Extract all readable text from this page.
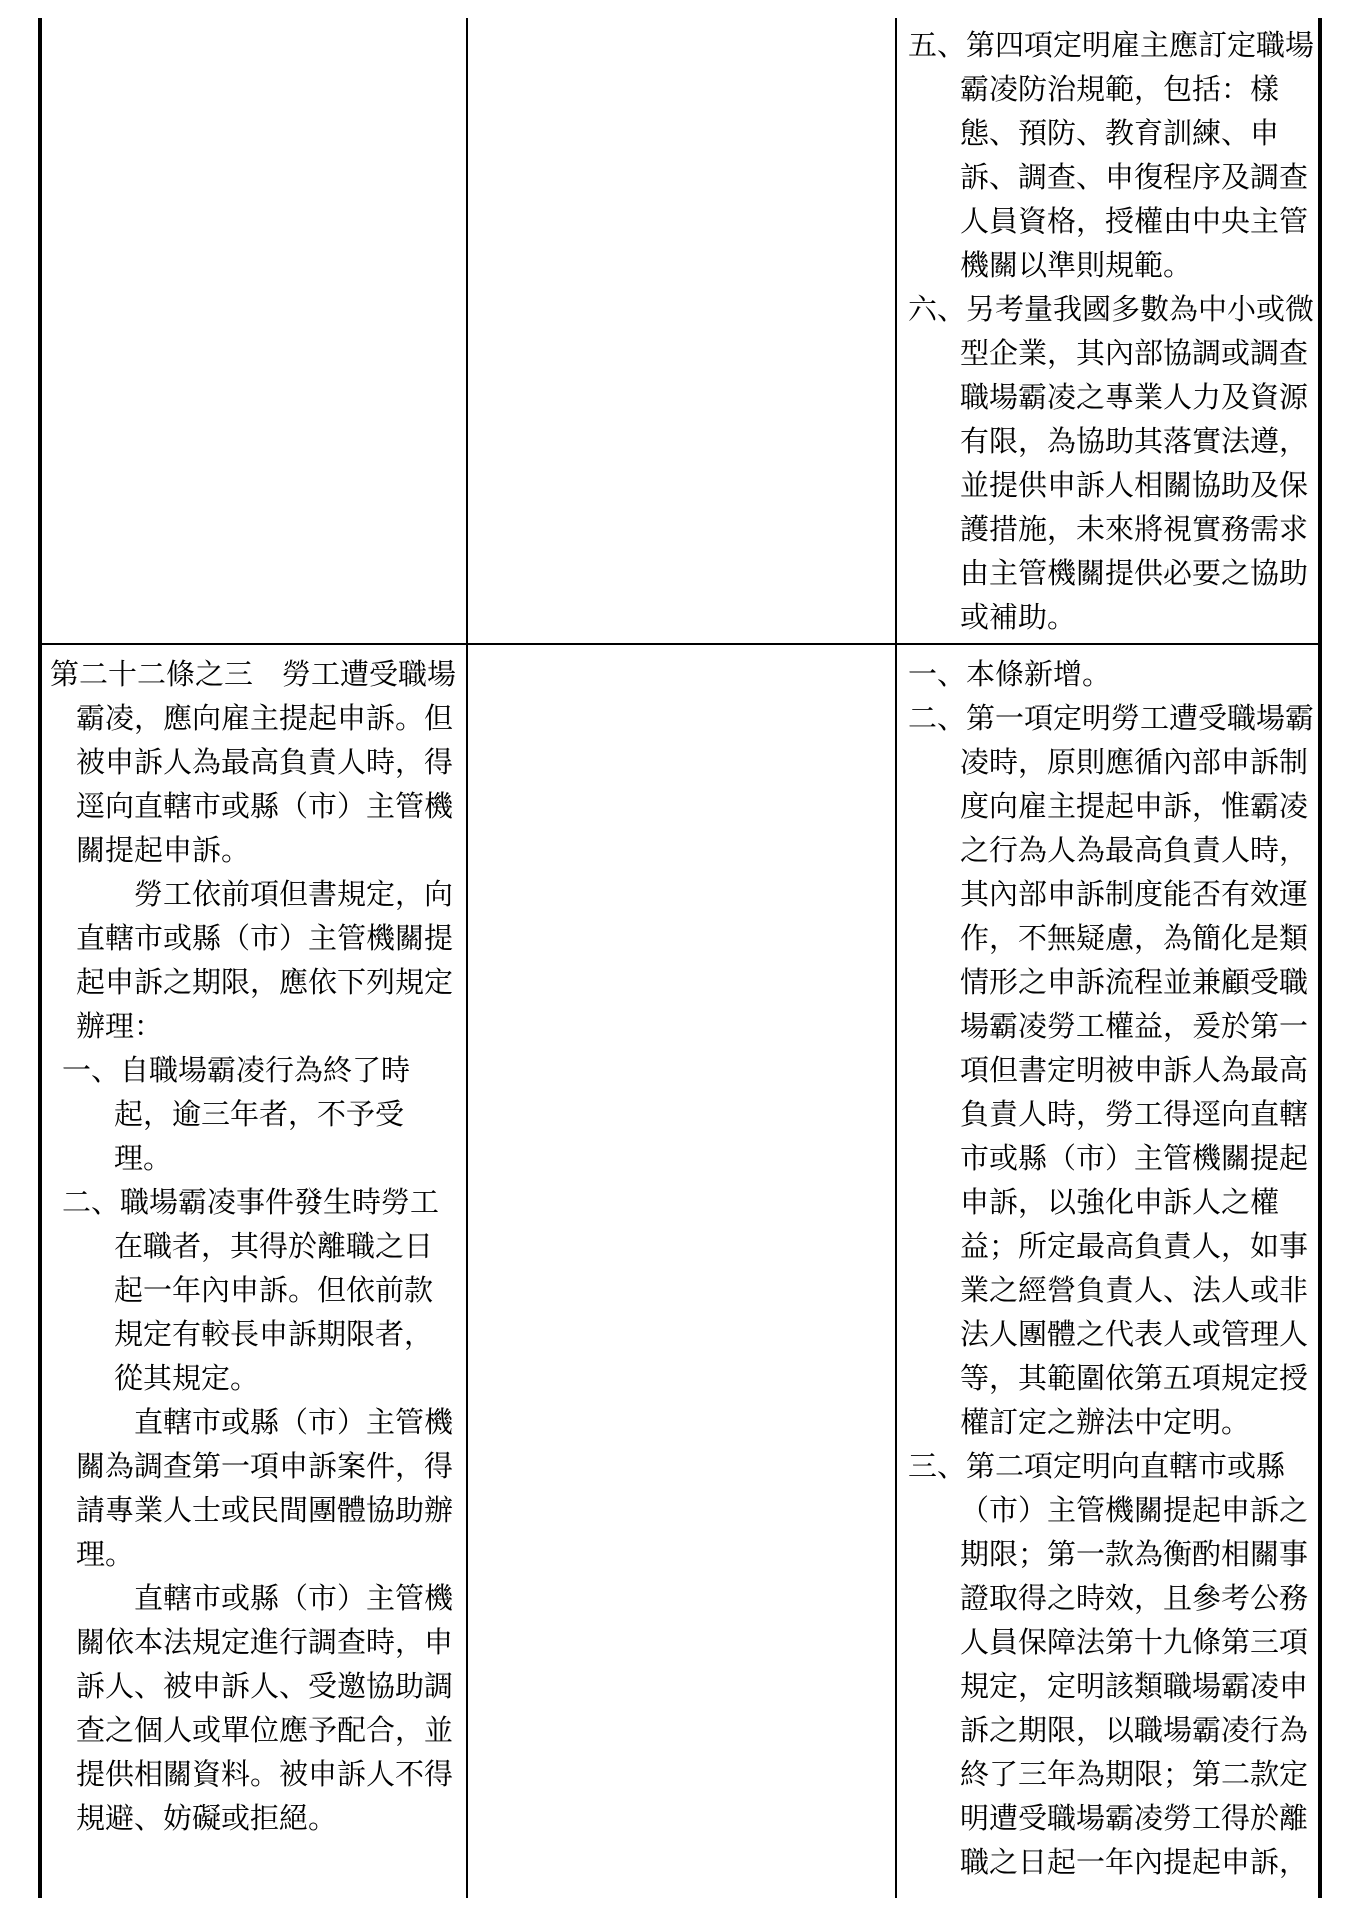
五、第四項定明雇主應訂定職場霸凌防治規範，包括：樣態、預防、教育訓練、申訴、調查、申復程序及調查人員資格，授權由中央主管機關以準則規範。

六、另考量我國多數為中小或微型企業，其內部協調或調查職場霸凌之專業人力及資源有限，為協助其落實法遵，並提供申訴人相關協助及保護措施，未來將視實務需求由主管機關提供必要之協助或補助。

第二十二條之三　勞工遭受職場霸凌，應向雇主提起申訴。但被申訴人為最高負責人時，得逕向直轄市或縣（市）主管機關提起申訴。

勞工依前項但書規定，向直轄市或縣（市）主管機關提起申訴之期限，應依下列規定辦理：

一、自職場霸凌行為終了時起，逾三年者，不予受理。

二、職場霸凌事件發生時勞工在職者，其得於離職之日起一年內申訴。但依前款規定有較長申訴期限者，從其規定。

直轄市或縣（市）主管機關為調查第一項申訴案件，得請專業人士或民間團體協助辦理。

直轄市或縣（市）主管機關依本法規定進行調查時，申訴人、被申訴人、受邀協助調查之個人或單位應予配合，並提供相關資料。被申訴人不得規避、妨礙或拒絕。

一、本條新增。

二、第一項定明勞工遭受職場霸凌時，原則應循內部申訴制度向雇主提起申訴，惟霸凌之行為人為最高負責人時，其內部申訴制度能否有效運作，不無疑慮，為簡化是類情形之申訴流程並兼顧受職場霸凌勞工權益，爰於第一項但書定明被申訴人為最高負責人時，勞工得逕向直轄市或縣（市）主管機關提起申訴，以強化申訴人之權益；所定最高負責人，如事業之經營負責人、法人或非法人團體之代表人或管理人等，其範圍依第五項規定授權訂定之辦法中定明。

三、第二項定明向直轄市或縣（市）主管機關提起申訴之期限；第一款為衡酌相關事證取得之時效，且參考公務人員保障法第十九條第三項規定，定明該類職場霸凌申訴之期限，以職場霸凌行為終了三年為期限；第二款定明遭受職場霸凌勞工得於離職之日起一年內提起申訴，
